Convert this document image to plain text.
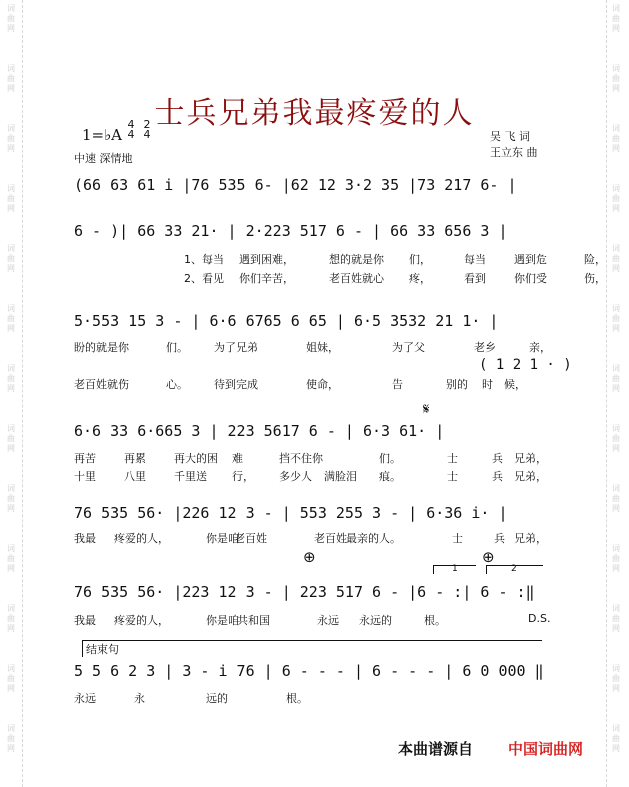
词
曲
网
词
曲
网
词
曲
网
词
曲
网
词
曲
网
词
曲
网
词
曲
网
词
曲
网
词
曲
网
词
曲
网
词
曲
网
词
曲
网
词
曲
网
词
曲
网
词
曲
网
词
曲
网
词
曲
网
词
曲
网
词
曲
网
词
曲
网
词
曲
网
词
曲
网
词
曲
网
词
曲
网
词
曲
网
词
曲
网
士兵兄弟我最疼爱的人
1=♭A
4
4
2
4
中速 深情地
吴 飞 词
王立东 曲
(66 63 61 i |76 535 6- |62 12 3·2 35 |73 217 6- |
6 - )| 66 33 21· | 2·223 517 6 - | 66 33 656 3 |
5·553 15 3 - | 6·6 6765 6 65 | 6·5 3532 21 1· |
6·6 33 6·665 3 | 223 5617 6 - | 6·3 61· |
76 535 56· |226 12 3 - | 553 255 3 - | 6·36 i· |
76 535 56· |223 12 3 - | 223 517 6 - |6 - :| 6 - :‖
5 5 6 2 3 | 3 - i 76 | 6 - - - | 6 - - - | 6 0 000 ‖
1、每当 遇到困难，	想的就是你 们，	每当	遇到危	险，
2、看见 你们辛苦，	老百姓就心 疼，	看到	你们受	伤，
盼的就是你	们。 为了兄弟	姐妹，	为了父	老乡	亲，
( 1 2 1 · )
老百姓就伤	心。 待到完成	使命，	告	别的 时 候，
再苦	再累	再大的困 难	挡不住你	们。	士	兵 兄弟，
十里	八里	千里送 行， 多少人 满脸泪 痕。	士	兵 兄弟，
我最 疼爱的人，	你是咱
老百姓	老百姓 最亲的人。	士	兵 兄弟，
我最 疼爱的人，	你是咱
共和国	永远 永远的	根。
永远	永	远的	根。
𝄋
⊕	⊕
1	2
D.S.
结束句
本曲谱源自 中国词曲网
